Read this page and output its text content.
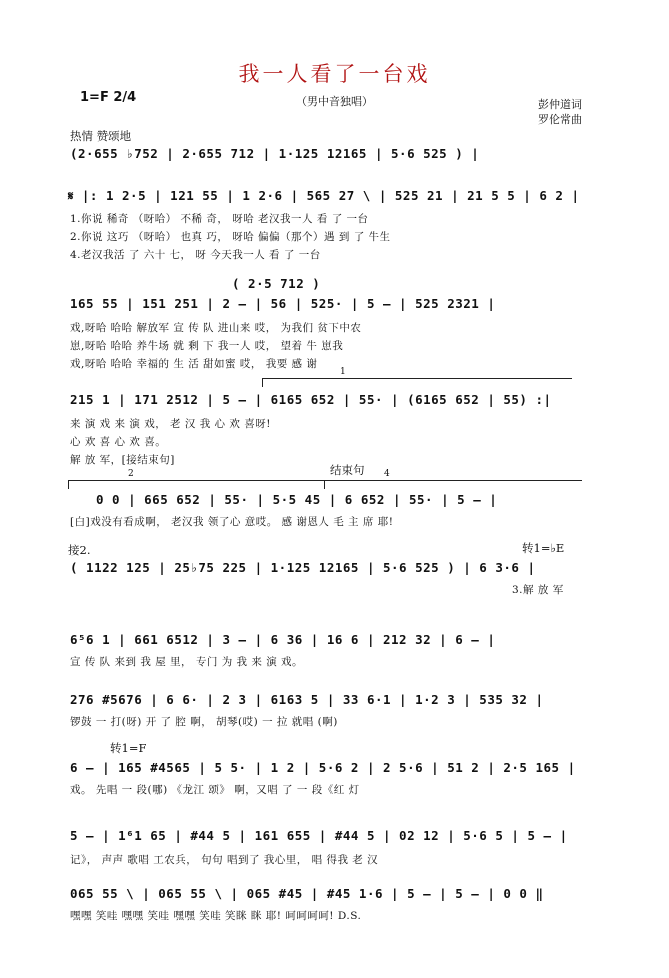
我一人看了一台戏
1=F 2/4	（男中音独唱）	彭仲道词
罗伦常曲
热情 赞颂地
(2·655 ♭752 | 2·655 712 | 1·125 12165 | 5·6 525 ) |
𝄋 |: 1 2·5 | 121 55 | 1 2·6 | 565 27 \ | 525 21 | 21 5 5 | 6 2 |
1.你说 稀奇 （呀哈） 不稀 奇， 呀哈 老汉我一人 看 了 一台
2.你说 这巧 （呀哈） 也真 巧， 呀哈 偏偏（那个）遇 到 了 牛生
4.老汉我活 了 六十 七， 呀 今天我一人 看 了 一台
( 2·5 712 )
165 55 | 151 251 | 2 – | 56 | 525· | 5 – | 525 2321 |
戏,呀哈 哈哈 解放军 宣 传 队 进山来 哎， 为我们 贫下中农
崽,呀哈 哈哈 养牛场 就 剩 下 我一人 哎， 望着 牛 崽我
戏,呀哈 哈哈 幸福的 生 活 甜如蜜 哎， 我要 感 谢
1
215 1 | 171 2512 | 5 – | 6165 652 | 55· | (6165 652 | 55) :|
来 演 戏 来 演 戏， 老 汉 我 心 欢 喜呀!
心 欢 喜 心 欢 喜。
解 放 军，[接结束句]
结束句
2	4
0 0 | 665 652 | 55· | 5·5 45 | 6 652 | 55· | 5 – |
[白]戏没有看成啊， 老汉我 领了心 意哎。 感 谢恩人 毛 主 席 耶!
接2.	转1=♭E
( 1122 125 | 25♭75 225 | 1·125 12165 | 5·6 525 ) | 6 3·6 |
3.解 放 军
6⁵6 1 | 661 6512 | 3 – | 6 36 | 16 6 | 212 32 | 6 – |
宣 传 队 来到 我 屋 里， 专门 为 我 来 演 戏。
276 #5676 | 6 6· | 2 3 | 6163 5 | 33 6·1 | 1·2 3 | 535 32 |
锣鼓 一 打(呀) 开 了 腔 啊， 胡琴(哎) 一 拉 就唱 (啊)
转1=F
6 – | 165 #4565 | 5 5· | 1 2 | 5·6 2 | 2 5·6 | 51 2 | 2·5 165 |
戏。 先唱 一 段(哪) 《龙江 颂》 啊，又唱 了 一 段《红 灯
5 – | 1⁶1 65 | #44 5 | 161 655 | #44 5 | 02 12 | 5·6 5 | 5 – |
记》， 声声 歌唱 工农兵， 句句 唱到了 我心里， 唱 得我 老 汉
065 55 \ | 065 55 \ | 065 #45 | #45 1·6 | 5 – | 5 – | 0 0 ‖
嘿嘿 笑哇 嘿嘿 笑哇 嘿嘿 笑哇 笑眯 眯 耶! 呵呵呵呵! D.S.
